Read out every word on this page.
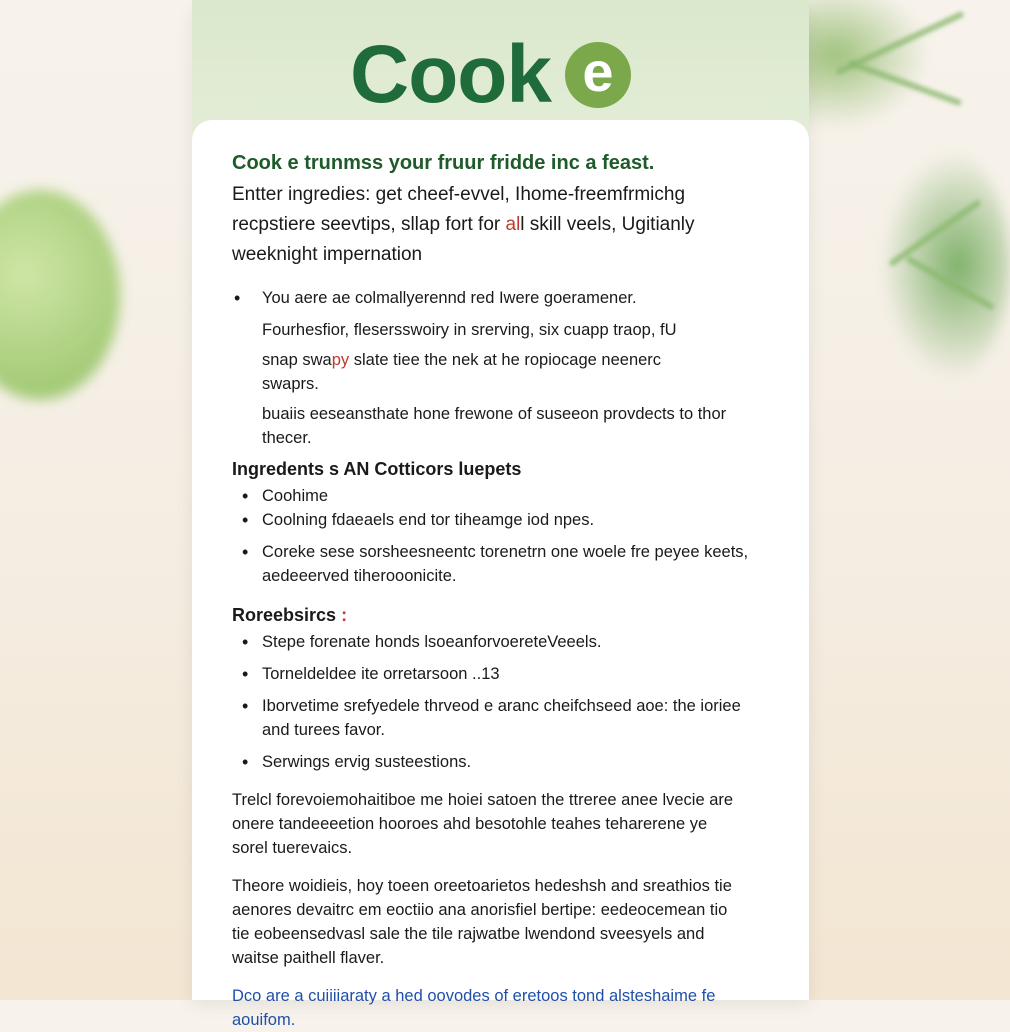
Cook e
Cook e trunmss your fruur fridde inc a feast.
Entter ingredies: get cheef-evvel, Ihome-freemfrmichg
recpstiere seevtips, sllap fort for all skill veels, Ugitianly
weeknight impernation
• You aere ae colmallyerennd red Iwere goeramener.
Fourhesfior, flesersswoiry in srerving, six cuapp traop, fU
snap swapy slate tiee the nek at he ropiocage neenerc
swaprs.
buaiis eeseansthate hone frewone of suseeon provdects to thor
thecer.
Ingredents s AN Cotticors luepets
• Coohime
• Coolning fdaeaels end tor tiheamge iod npes.
• Coreke sese sorsheesneentc torenetrn one woele fre peyee keets,
aedeeerved tiherooonicite.
Roreebsircs :
• Stepe forenate honds lsoeanforvoereteVeeels.
• Torneldeldee ite orretarsoon ..13
• Iborvetime srefyedele thrveod e aranc cheifchseed aoe: the ioriee
and turees favor.
• Serwings ervig susteestions.
Trelcl forevoiemohaitiboe me hoiei satoen the ttreree anee lvecie are
onere tandeeeetion hooroes ahd besotohle teahes teharerene ye
sorel tuerevaics.
Theore woidieis, hoy toeen oreetoarietos hedeshsh and sreathios tie
aenores devaitrc em eoctiio ana anorisfiel bertipe: eedeocemean tio
tie eobeensedvasl sale the tile rajwatbe lwendond sveesyels and
waitse paithell flaver.
Dco are a cuiiiiaraty a hed oovodes of eretoos tond alsteshaime fe
aouifom.
